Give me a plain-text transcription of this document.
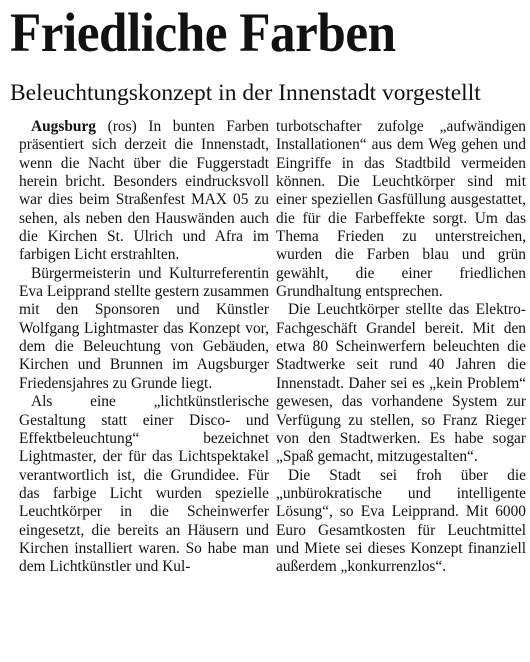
Friedliche Farben
Beleuchtungskonzept in der Innenstadt vorgestellt

Augsburg (ros) In bunten Farben präsentiert sich derzeit die Innenstadt, wenn die Nacht über die Fuggerstadt herein bricht. Besonders eindrucksvoll war dies beim Straßenfest MAX 05 zu sehen, als neben den Hauswänden auch die Kirchen St. Ulrich und Afra im farbigen Licht erstrahlten.

Bürgermeisterin und Kulturreferentin Eva Leipprand stellte gestern zusammen mit den Sponsoren und Künstler Wolfgang Lightmaster das Konzept vor, dem die Beleuchtung von Gebäuden, Kirchen und Brunnen im Augsburger Friedensjahres zu Grunde liegt.

Als eine „lichtkünstlerische Gestaltung statt einer Disco- und Effektbeleuchtung“ bezeichnet Lightmaster, der für das Lichtspektakel verantwortlich ist, die Grundidee. Für das farbige Licht wurden spezielle Leuchtkörper in die Scheinwerfer eingesetzt, die bereits an Häusern und Kirchen installiert waren. So habe man dem Lichtkünstler und Kul-

turbotschafter zufolge „aufwändigen Installationen“ aus dem Weg gehen und Eingriffe in das Stadtbild vermeiden können. Die Leuchtkörper sind mit einer speziellen Gasfüllung ausgestattet, die für die Farbeffekte sorgt. Um das Thema Frieden zu unterstreichen, wurden die Farben blau und grün gewählt, die einer friedlichen Grundhaltung entsprechen.

Die Leuchtkörper stellte das Elektro-Fachgeschäft Grandel bereit. Mit den etwa 80 Scheinwerfern beleuchten die Stadtwerke seit rund 40 Jahren die Innenstadt. Daher sei es „kein Problem“ gewesen, das vorhandene System zur Verfügung zu stellen, so Franz Rieger von den Stadtwerken. Es habe sogar „Spaß gemacht, mitzugestalten“.

Die Stadt sei froh über die „unbürokratische und intelligente Lösung“, so Eva Leipprand. Mit 6000 Euro Gesamtkosten für Leuchtmittel und Miete sei dieses Konzept finanziell außerdem „konkurrenzlos“.
